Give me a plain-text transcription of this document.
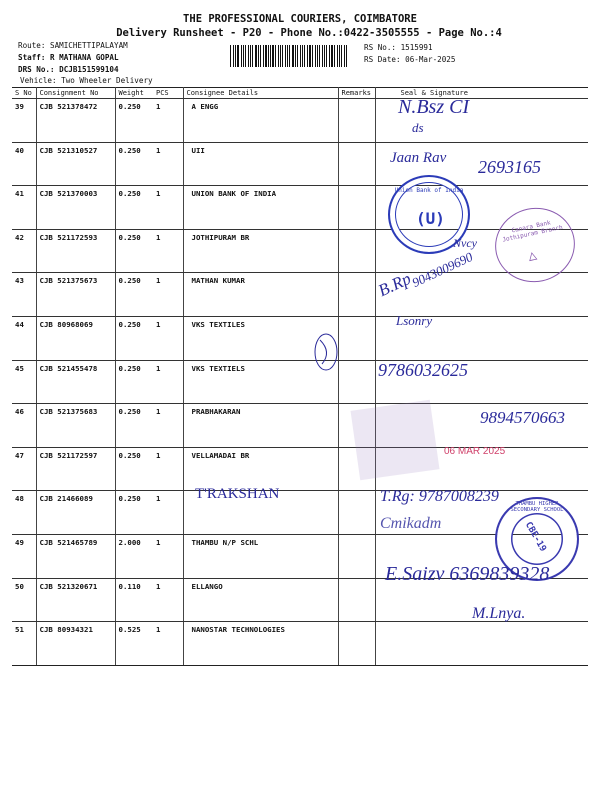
THE PROFESSIONAL COURIERS, COIMBATORE
Delivery Runsheet - P20 - Phone No.:0422-3505555 - Page No.:4
Route: SAMICHETTIPALAYAM
Staff: R MATHANA GOPAL
DRS No.: DCJB151599104
Vehicle: Two Wheeler Delivery
RS No.: 1515991
RS Date: 06-Mar-2025
S No	Consignment No	Weight	PCS	Consignee Details	Remarks	Seal & Signature
39	CJB 521378472	0.250	1	A ENGG		
40	CJB 521310527	0.250	1	UII		
41	CJB 521370003	0.250	1	UNION BANK OF INDIA		
42	CJB 521172593	0.250	1	JOTHIPURAM BR		
43	CJB 521375673	0.250	1	MATHAN KUMAR		
44	CJB 80968069	0.250	1	VKS TEXTILES		
45	CJB 521455478	0.250	1	VKS TEXTIELS		
46	CJB 521375683	0.250	1	PRABHAKARAN		
47	CJB 521172597	0.250	1	VELLAMADAI BR		
48	CJB 21466089	0.250	1			
49	CJB 521465789	2.000	1	THAMBU N/P SCHL		
50	CJB 521320671	0.110	1	ELLANGO		
51	CJB 80934321	0.525	1	NANOSTAR TECHNOLOGIES		
Union Bank of India
(U)	Canara Bank Jothipuram Branch
△
06 MAR 2025
THAMBU HIGHER SECONDARY SCHOOL
CBE-19
N.Bsz CI
ds
Jaan Rav 2693165
Nvcy
B.Rp
9043009690
Lsonry
9786032625
9894570663
T'RAKSHAN	T.Rg: 9787008239
Cmikadm
E.Saizv 6369839328
M.Lnya.
